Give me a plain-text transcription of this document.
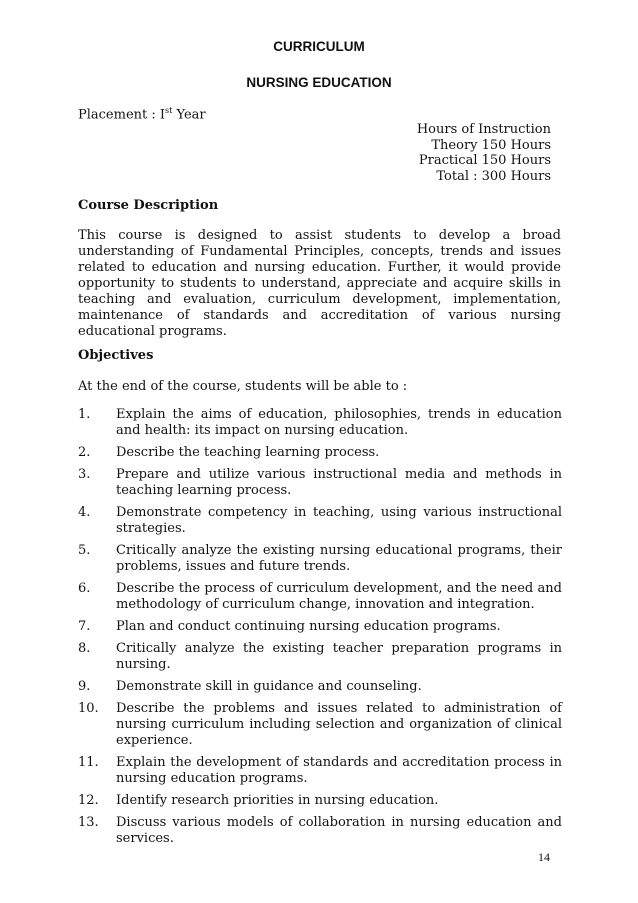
CURRICULUM
NURSING EDUCATION
Placement : Ist Year
Hours of Instruction
Theory 150 Hours
Practical 150 Hours
Total : 300 Hours
Course Description
This course is designed to assist students to develop a broad understanding of Fundamental Principles, concepts, trends and issues related to education and nursing education. Further, it would provide opportunity to students to understand, appreciate and acquire skills in teaching and evaluation, curriculum development, implementation, maintenance of standards and accreditation of various nursing educational programs.
Objectives
At the end of the course, students will be able to :
1.	Explain the aims of education, philosophies, trends in education and health: its impact on nursing education.
2.	Describe the teaching learning process.
3.	Prepare and utilize various instructional media and methods in teaching learning process.
4.	Demonstrate competency in teaching, using various instructional strategies.
5.	Critically analyze the existing nursing educational programs, their problems, issues and future trends.
6.	Describe the process of curriculum development, and the need and methodology of curriculum change, innovation and integration.
7.	Plan and conduct continuing nursing education programs.
8.	Critically analyze the existing teacher preparation programs in nursing.
9.	Demonstrate skill in guidance and counseling.
10.	Describe the problems and issues related to administration of nursing curriculum including selection and organization of clinical experience.
11.	Explain the development of standards and accreditation process in nursing education programs.
12.	Identify research priorities in nursing education.
13.	Discuss various models of collaboration in nursing education and services.
14
